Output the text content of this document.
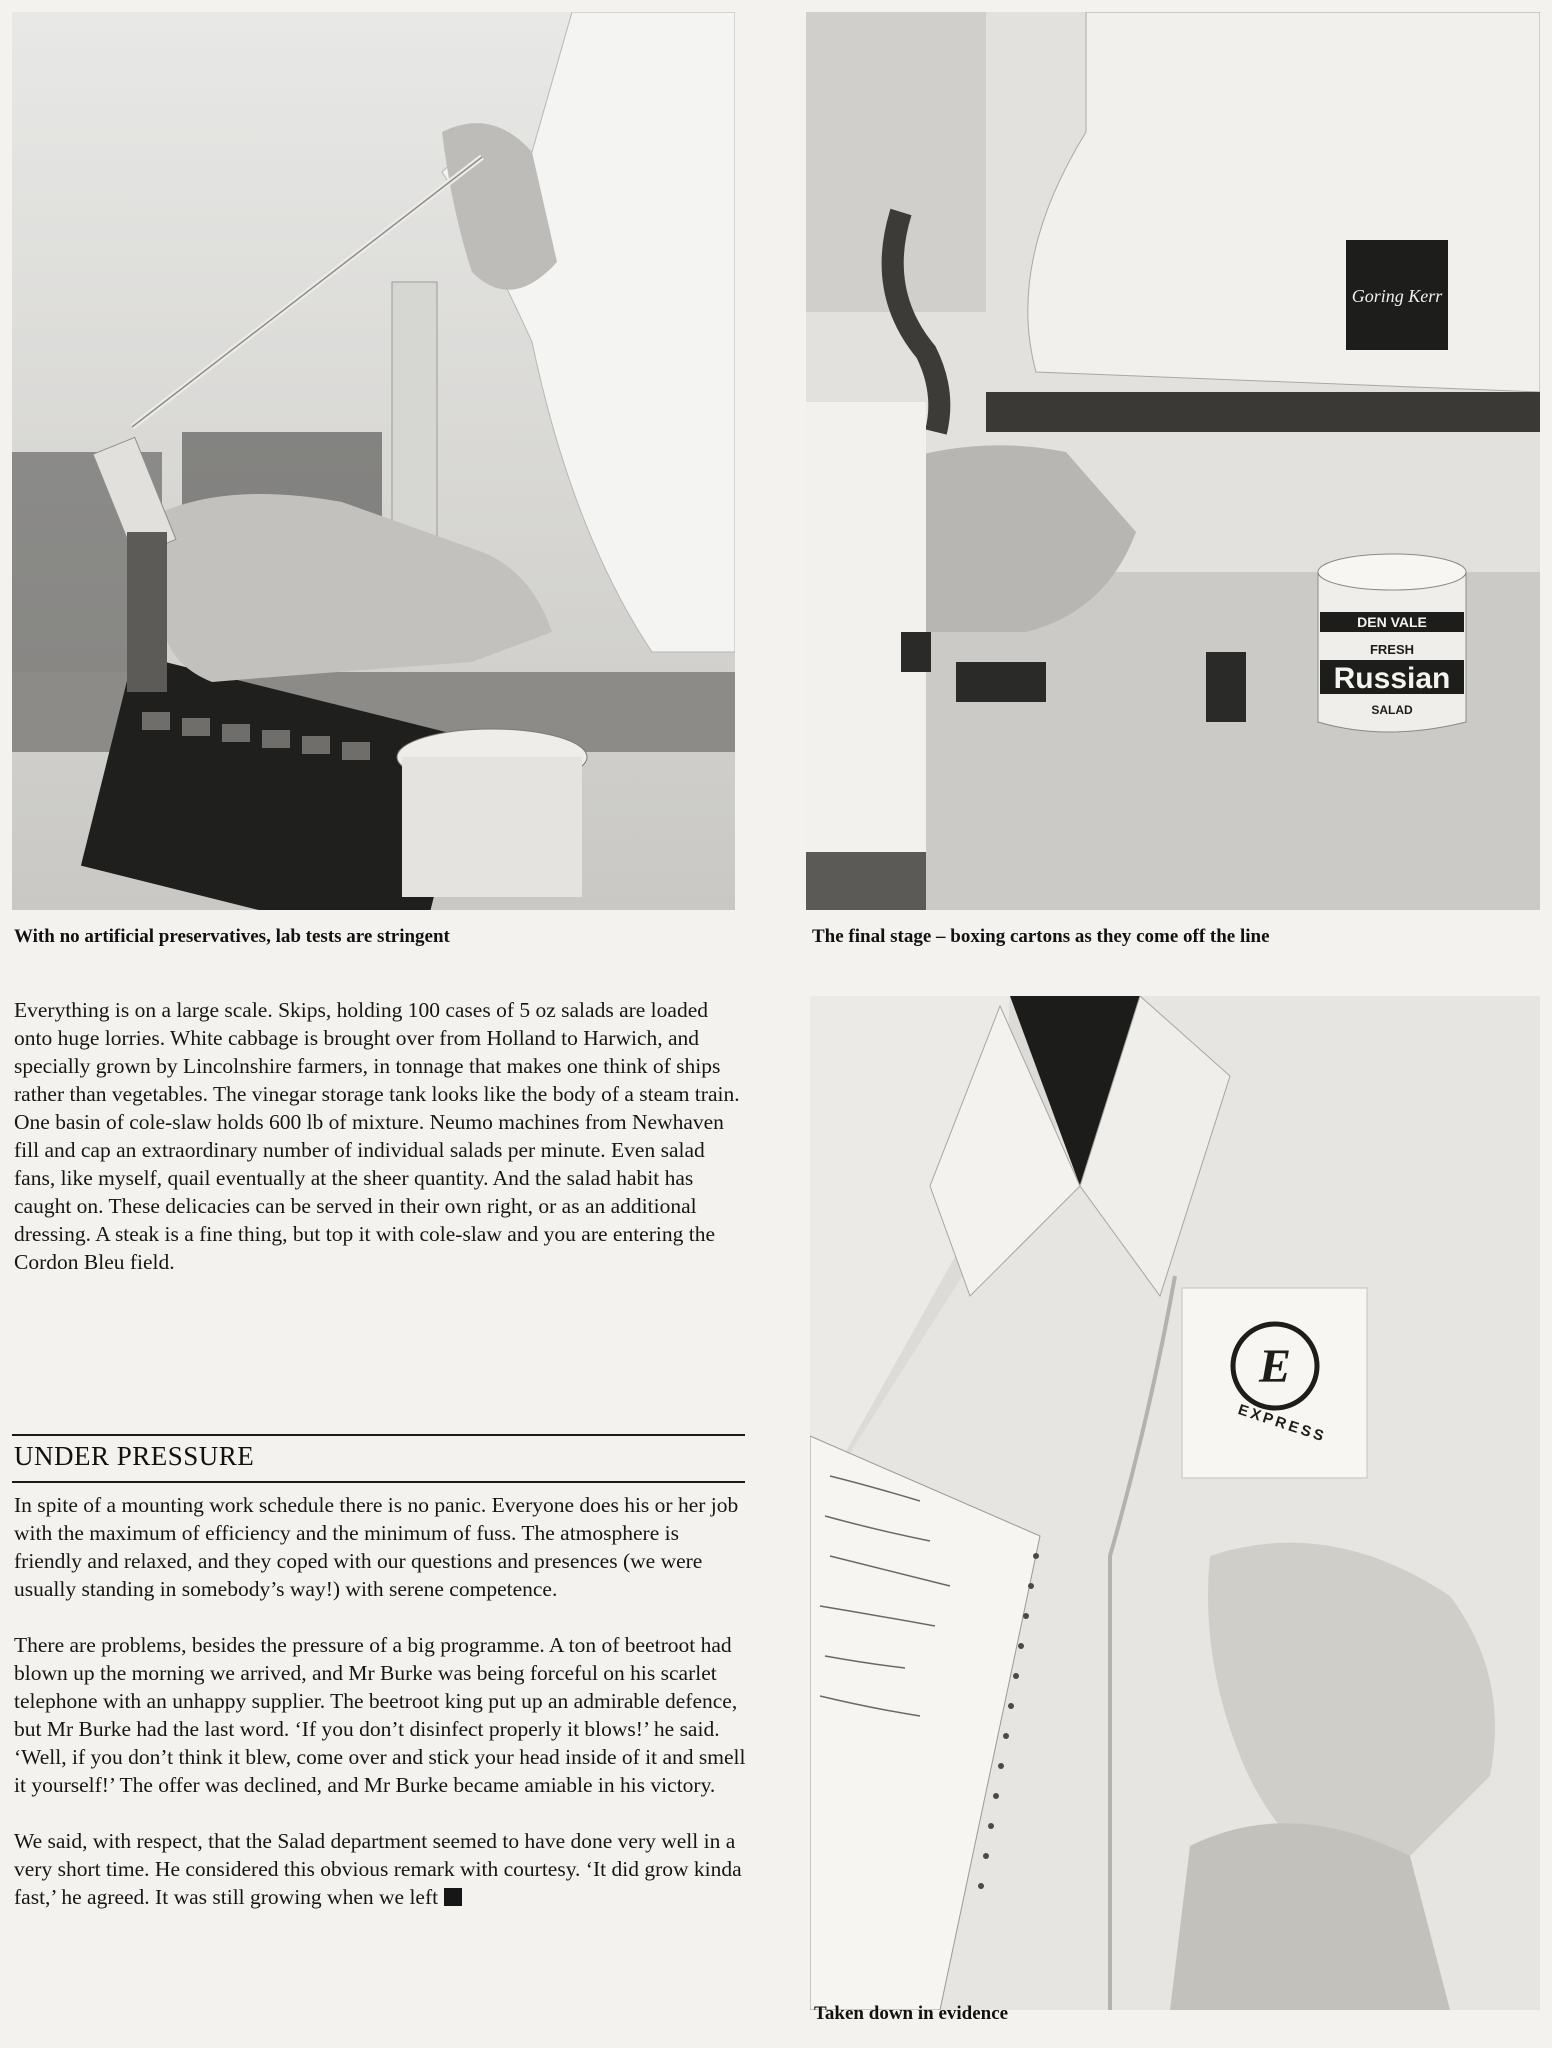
With no artificial preservatives, lab tests are stringent
Goring Kerr
DEN VALE
FRESH
Russian
SALAD
The final stage – boxing cartons as they come off the line
E
EXPRESS
Taken down in evidence

Everything is on a large scale. Skips, holding 100 cases of 5 oz salads are loaded onto huge lorries. White cabbage is brought over from Holland to Harwich, and specially grown by Lincolnshire farmers, in tonnage that makes one think of ships rather than vegetables. The vinegar storage tank looks like the body of a steam train. One basin of cole-slaw holds 600 lb of mixture. Neumo machines from Newhaven fill and cap an extraordinary number of individual salads per minute. Even salad fans, like myself, quail eventually at the sheer quantity. And the salad habit has caught on. These delicacies can be served in their own right, or as an additional dressing. A steak is a fine thing, but top it with cole-slaw and you are entering the Cordon Bleu field.

UNDER PRESSURE

In spite of a mounting work schedule there is no panic. Everyone does his or her job with the maximum of efficiency and the minimum of fuss. The atmosphere is friendly and relaxed, and they coped with our questions and presences (we were usually standing in somebody’s way!) with serene competence.

There are problems, besides the pressure of a big programme. A ton of beetroot had blown up the morning we arrived, and Mr Burke was being forceful on his scarlet telephone with an unhappy supplier. The beetroot king put up an admirable defence, but Mr Burke had the last word. ‘If you don’t disinfect properly it blows!’ he said. ‘Well, if you don’t think it blew, come over and stick your head inside of it and smell it yourself!’ The offer was declined, and Mr Burke became amiable in his victory.

We said, with respect, that the Salad department seemed to have done very well in a very short time. He considered this obvious remark with courtesy. ‘It did grow kinda fast,’ he agreed. It was still growing when we left
